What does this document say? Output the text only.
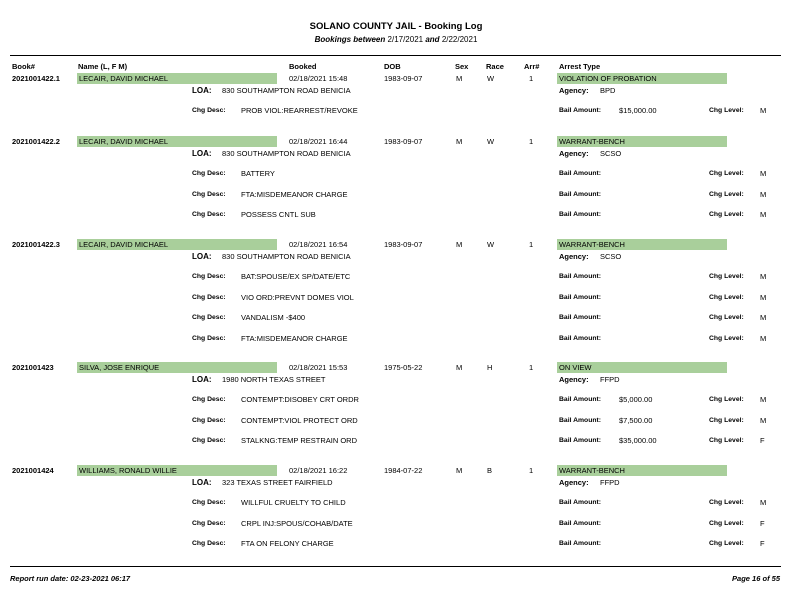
SOLANO COUNTY JAIL - Booking Log
Bookings between 2/17/2021 and 2/22/2021
Book#	Name (L, F M)	Booked	DOB	Sex Race	Arr#	Arrest Type
2021001422.1	LECAIR, DAVID MICHAEL	02/18/2021 15:48	1983-09-07	M	W	1	VIOLATION OF PROBATION
LOA: 830 SOUTHAMPTON ROAD BENICIA	Agency: BPD
Chg Desc: PROB VIOL:REARREST/REVOKE	Bail Amount: $15,000.00	Chg Level: M
2021001422.2	LECAIR, DAVID MICHAEL	02/18/2021 16:44	1983-09-07	M	W	1	WARRANT-BENCH
LOA: 830 SOUTHAMPTON ROAD BENICIA	Agency: SCSO
Chg Desc: BATTERY	Bail Amount:	Chg Level: M
Chg Desc: FTA:MISDEMEANOR CHARGE	Bail Amount:	Chg Level: M
Chg Desc: POSSESS CNTL SUB	Bail Amount:	Chg Level: M
2021001422.3	LECAIR, DAVID MICHAEL	02/18/2021 16:54	1983-09-07	M	W	1	WARRANT-BENCH
LOA: 830 SOUTHAMPTON ROAD BENICIA	Agency: SCSO
Chg Desc: BAT:SPOUSE/EX SP/DATE/ETC	Bail Amount:	Chg Level: M
Chg Desc: VIO ORD:PREVNT DOMES VIOL	Bail Amount:	Chg Level: M
Chg Desc: VANDALISM -$400	Bail Amount:	Chg Level: M
Chg Desc: FTA:MISDEMEANOR CHARGE	Bail Amount:	Chg Level: M
2021001423	SILVA, JOSE ENRIQUE	02/18/2021 15:53	1975-05-22	M	H	1	ON VIEW
LOA: 1980 NORTH TEXAS STREET	Agency: FFPD
Chg Desc: CONTEMPT:DISOBEY CRT ORDR	Bail Amount: $5,000.00	Chg Level: M
Chg Desc: CONTEMPT:VIOL PROTECT ORD	Bail Amount: $7,500.00	Chg Level: M
Chg Desc: STALKNG:TEMP RESTRAIN ORD	Bail Amount: $35,000.00	Chg Level: F
2021001424	WILLIAMS, RONALD WILLIE	02/18/2021 16:22	1984-07-22	M	B	1	WARRANT-BENCH
LOA: 323 TEXAS STREET FAIRFIELD	Agency: FFPD
Chg Desc: WILLFUL CRUELTY TO CHILD	Bail Amount:	Chg Level: M
Chg Desc: CRPL INJ:SPOUS/COHAB/DATE	Bail Amount:	Chg Level: F
Chg Desc: FTA ON FELONY CHARGE	Bail Amount:	Chg Level: F
Report run date: 02-23-2021 06:17	Page 16 of 55
